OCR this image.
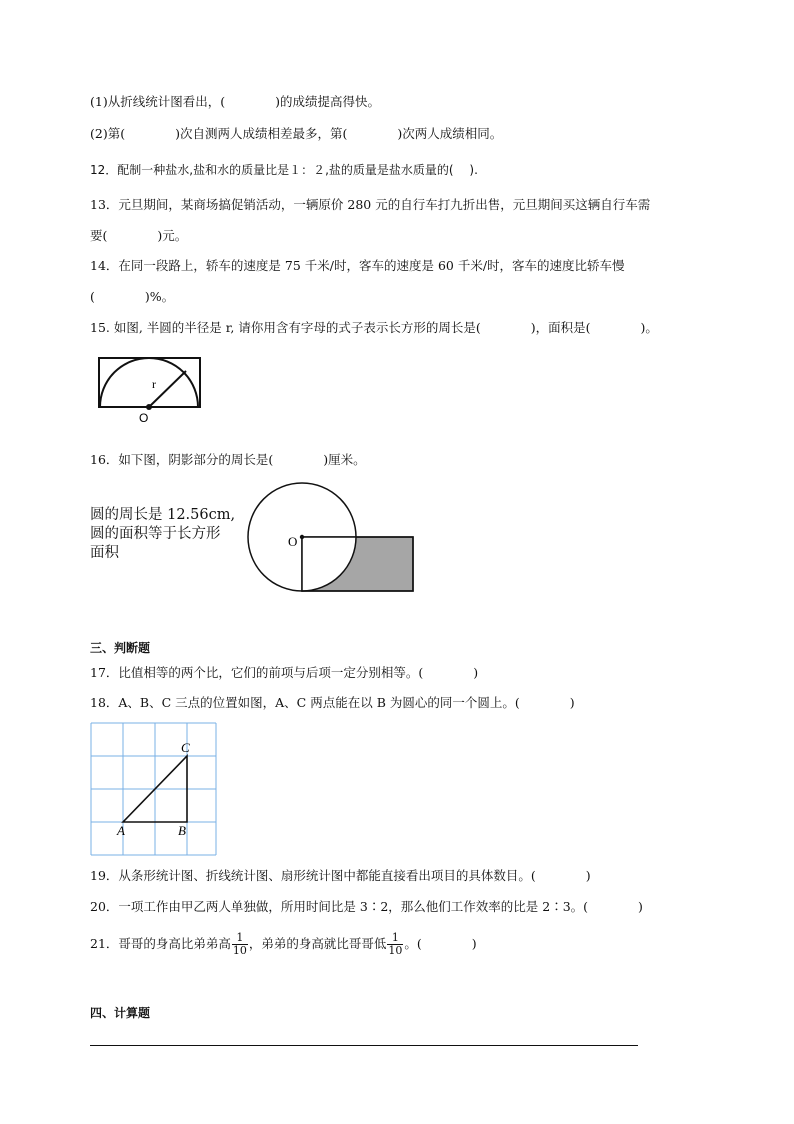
(1)从折线统计图看出，(　　　　)的成绩提高得快。
(2)第(　　　　)次自测两人成绩相差最多，第(　　　　)次两人成绩相同。
12．配制一种盐水,盐和水的质量比是１：２,盐的质量是盐水质量的(　 ).
13．元旦期间，某商场搞促销活动，一辆原价 280 元的自行车打九折出售，元旦期间买这辆自行车需
要(　　　　)元。
14．在同一段路上，轿车的速度是 75 千米/时，客车的速度是 60 千米/时，客车的速度比轿车慢
(　　　　)%。
15. 如图, 半圆的半径是 r, 请你用含有字母的式子表示长方形的周长是(　　　　)，面积是(　　　　)。
r
O
16．如下图，阴影部分的周长是(　　　　)厘米。
圆的周长是 12.56cm,
圆的面积等于长方形
面积
O
三、判断题
17．比值相等的两个比，它们的前项与后项一定分别相等。(　　　　)
18．A、B、C 三点的位置如图，A、C 两点能在以 B 为圆心的同一个圆上。(　　　　)
C
A	B
19．从条形统计图、折线统计图、扇形统计图中都能直接看出项目的具体数目。(　　　　)
20．一项工作由甲乙两人单独做，所用时间比是 3∶2，那么他们工作效率的比是 2∶3。(　　　　)
21．哥哥的身高比弟弟高 $\frac{1}{10}$ ，弟弟的身高就比哥哥低 $\frac{1}{10}$ 。(　　　　)
四、计算题
